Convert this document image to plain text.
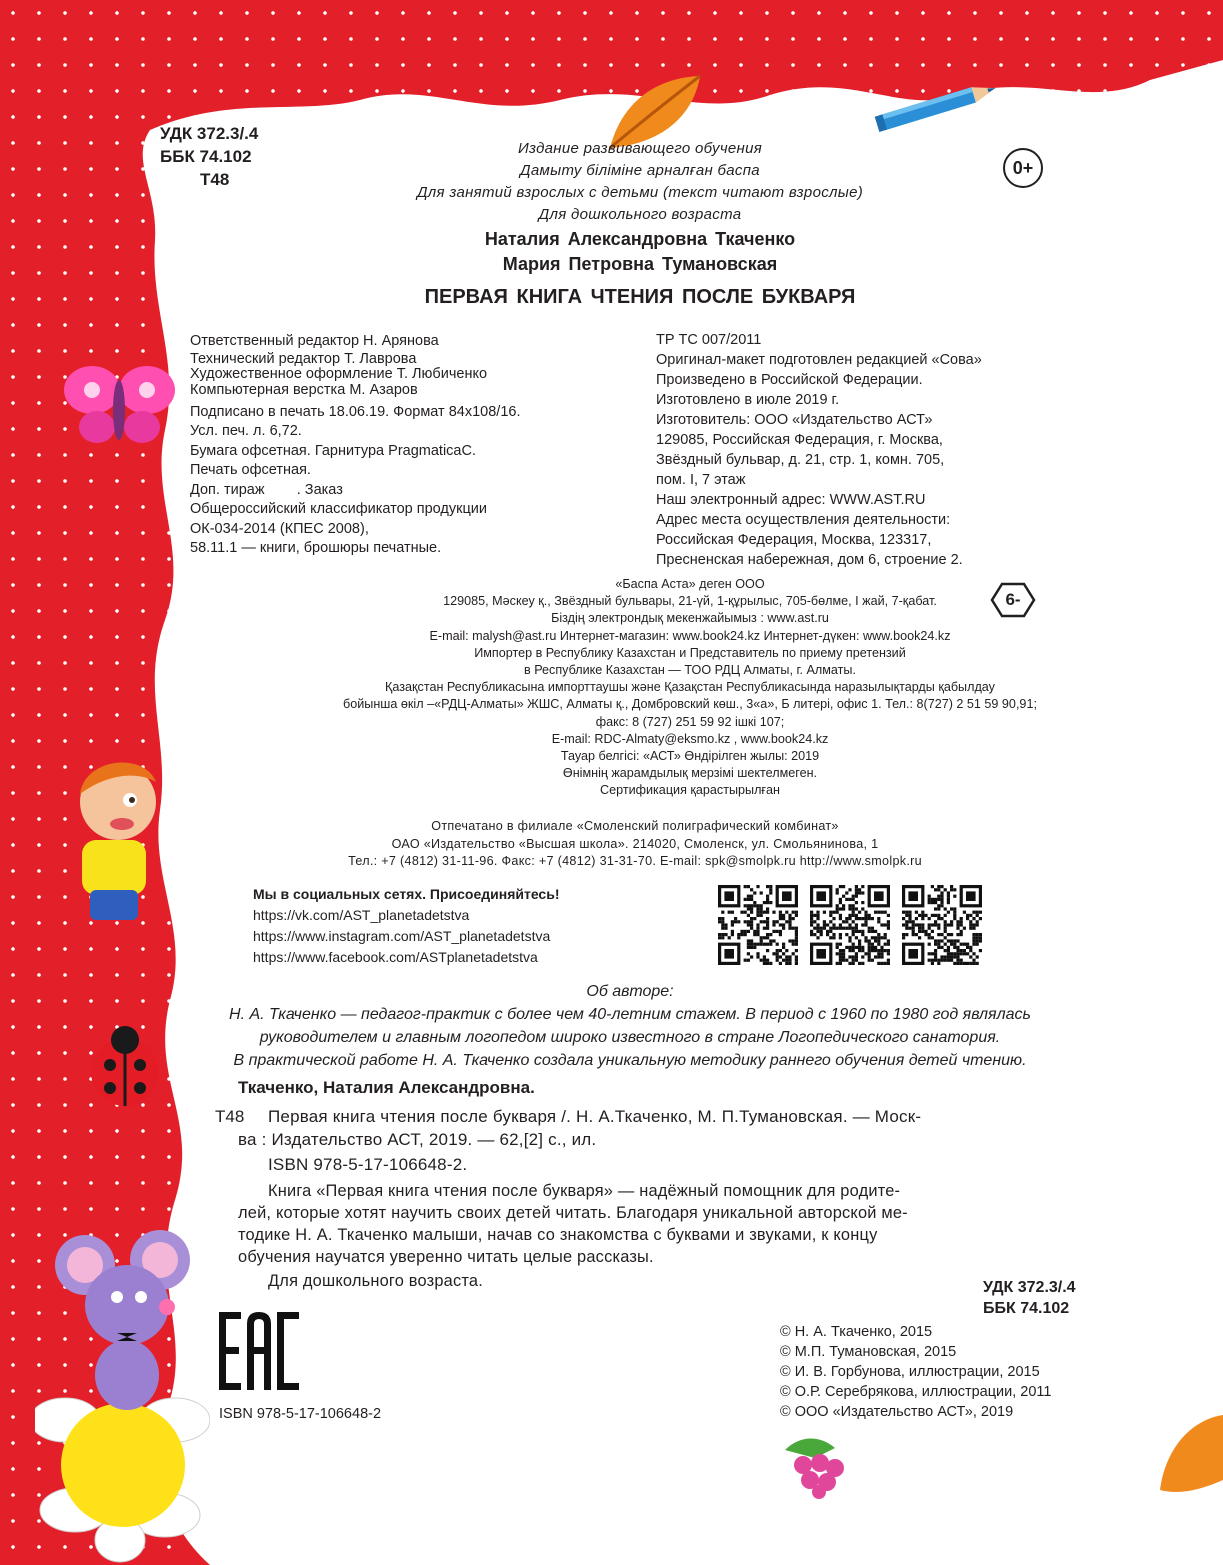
УДК 372.3/.4
ББК 74.102
Т48
0+
Издание развивающего обучения
Дамыту біліміне арналған баспа
Для занятий взрослых с детьми (текст читают взрослые)
Для дошкольного возраста
Наталия Александровна Ткаченко
Мария Петровна Тумановская
ПЕРВАЯ КНИГА ЧТЕНИЯ ПОСЛЕ БУКВАРЯ
Ответственный редактор Н. Арянова
Технический редактор Т. Лаврова
Художественное оформление Т. Любиченко
Компьютерная верстка М. Азаров
Подписано в печать 18.06.19. Формат 84х108/16.
Усл. печ. л. 6,72.
Бумага офсетная. Гарнитура PragmaticaC.
Печать офсетная.
Доп. тираж        . Заказ
Общероссийский классификатор продукции
ОК-034-2014 (КПЕС 2008),
58.11.1 — книги, брошюры печатные.
ТР ТС 007/2011
Оригинал-макет подготовлен редакцией «Сова»
Произведено в Российской Федерации.
Изготовлено в июле 2019 г.
Изготовитель: ООО «Издательство АСТ»
129085, Российская Федерация, г. Москва,
Звёздный бульвар, д. 21, стр. 1, комн. 705,
пом. I, 7 этаж
Наш электронный адрес: WWW.AST.RU
Адрес места осуществления деятельности:
Российская Федерация, Москва, 123317,
Пресненская набережная, дом 6, строение 2.
6-
«Баспа Аста» деген ООО
129085, Мәскеу қ., Звёздный бульвары, 21-үй, 1-құрылыс, 705-бөлме, I жай, 7-қабат.
Біздің электрондық мекенжайымыз : www.ast.ru
E-mail: malysh@ast.ru Интернет-магазин: www.book24.kz Интернет-дүкен: www.book24.kz
Импортер в Республику Казахстан и Представитель по приему претензий
в Республике Казахстан — ТОО РДЦ Алматы, г. Алматы.
Қазақстан Республикасына импорттаушы және Қазақстан Республикасында наразылықтарды қабылдау
бойынша өкіл –«РДЦ-Алматы» ЖШС, Алматы қ., Домбровский көш., 3«а», Б литері, офис 1. Тел.: 8(727) 2 51 59 90,91;
факс: 8 (727) 251 59 92 ішкі 107;
E-mail: RDC-Almaty@eksmo.kz , www.book24.kz
Тауар белгісі: «АСТ» Өндірілген жылы: 2019
Өнімнің жарамдылық мерзімі шектелмеген.
Сертификация қарастырылған
Отпечатано в филиале «Смоленский полиграфический комбинат»
ОАО «Издательство «Высшая школа». 214020, Смоленск, ул. Смольянинова, 1
Тел.: +7 (4812) 31-11-96. Факс: +7 (4812) 31-31-70. E-mail: spk@smolpk.ru http://www.smolpk.ru
Мы в социальных сетях. Присоединяйтесь!
https://vk.com/AST_planetadetstva
https://www.instagram.com/AST_planetadetstva
https://www.facebook.com/ASTplanetadetstva
Об авторе:
Н. А. Ткаченко — педагог-практик с более чем 40-летним стажем. В период с 1960 по 1980 год являлась
руководителем и главным логопедом широко известного в стране Логопедического санатория.
В практической работе Н. А. Ткаченко создала уникальную методику раннего обучения детей чтению.
Ткаченко, Наталия Александровна.
Т48 Первая книга чтения после букваря /. Н. А.Ткаченко, М. П.Тумановская. — Моск-
ва : Издательство АСТ, 2019. — 62,[2] с., ил.
ISBN 978-5-17-106648-2.
Книга «Первая книга чтения после букваря» — надёжный помощник для родите-
лей, которые хотят научить своих детей читать. Благодаря уникальной авторской ме-
тодике Н. А. Ткаченко малыши, начав со знакомства с буквами и звуками, к концу
обучения научатся уверенно читать целые рассказы.
Для дошкольного возраста.	УДК 372.3/.4
ББК 74.102
© Н. А. Ткаченко, 2015
© М.П. Тумановская, 2015
© И. В. Горбунова, иллюстрации, 2015
© О.Р. Серебрякова, иллюстрации, 2011
© ООО «Издательство АСТ», 2019
ISBN 978-5-17-106648-2
